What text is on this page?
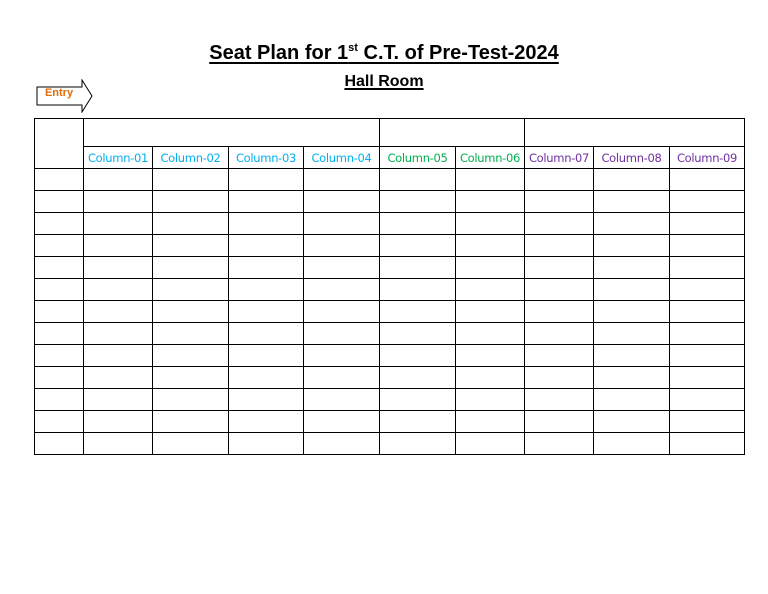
Seat Plan for 1st C.T. of Pre-Test-2024
Hall Room
Entry

	Column-01	Column-02	Column-03	Column-04	Column-05	Column-06	Column-07	Column-08	Column-09
